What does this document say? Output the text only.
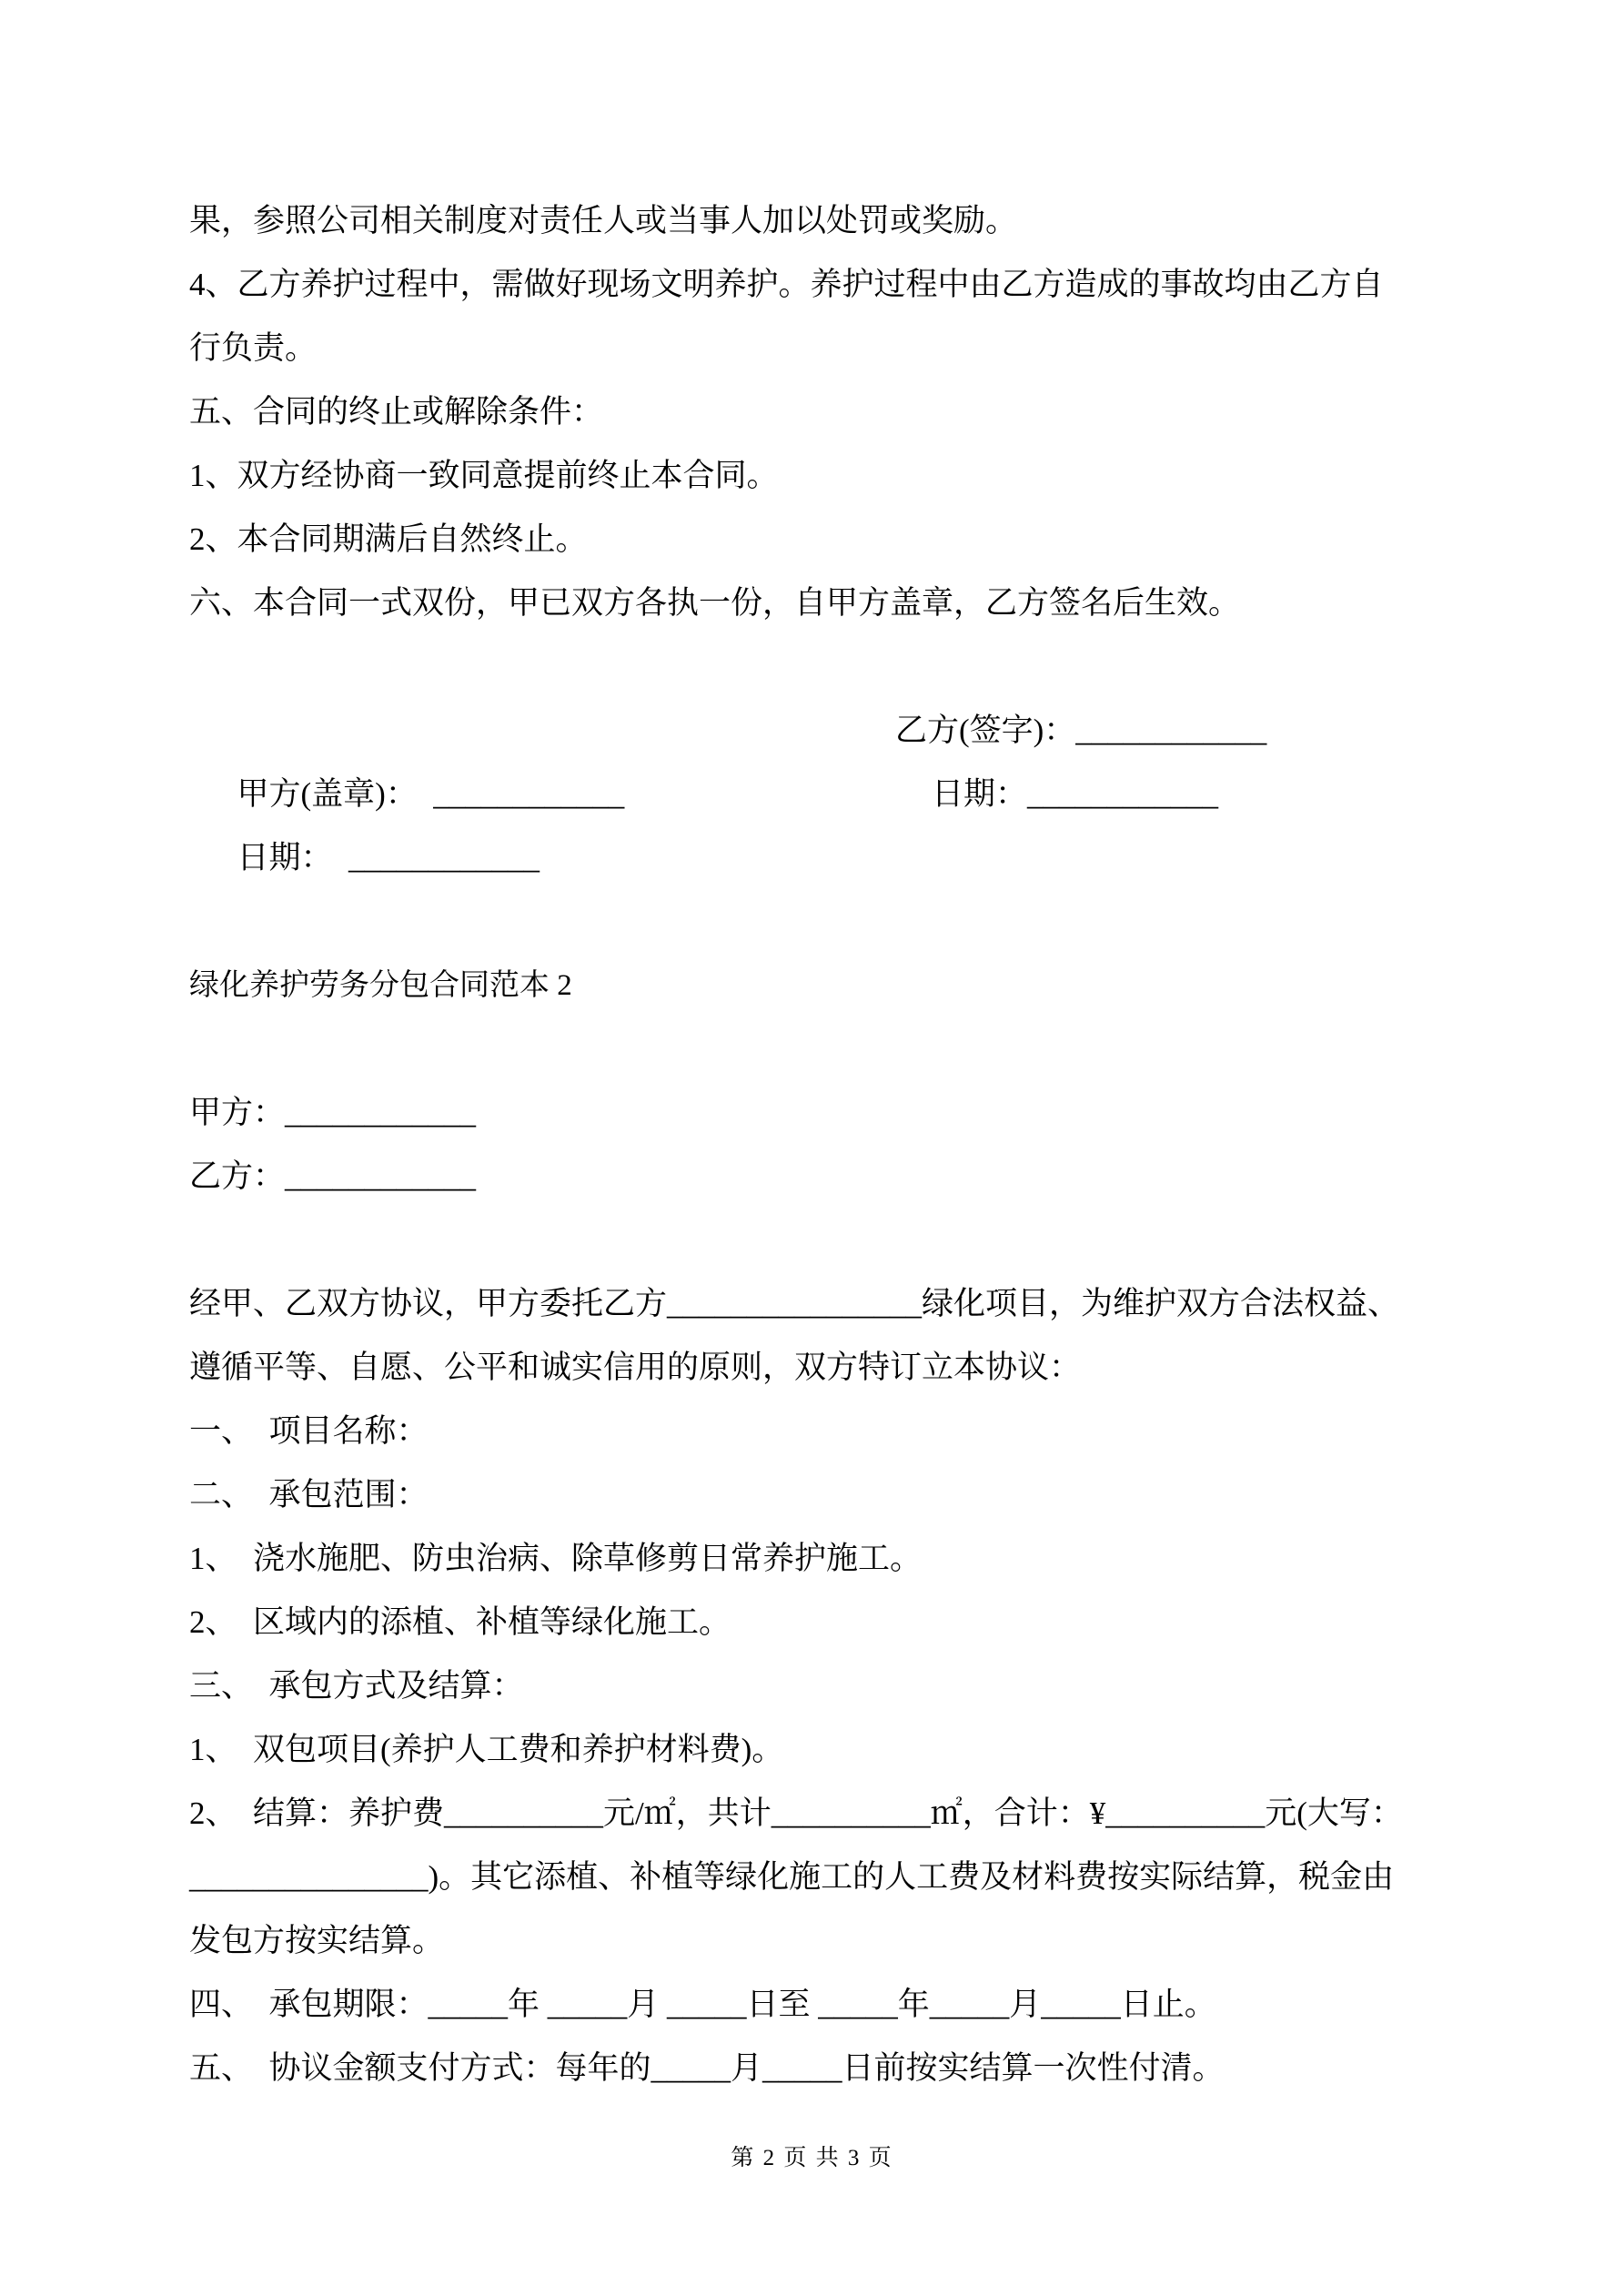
果，参照公司相关制度对责任人或当事人加以处罚或奖励。
4、乙方养护过程中，需做好现场文明养护。养护过程中由乙方造成的事故均由乙方自
行负责。
五、合同的终止或解除条件：
1、双方经协商一致同意提前终止本合同。
2、本合同期满后自然终止。
六、本合同一式双份，甲已双方各执一份，自甲方盖章，乙方签名后生效。

甲方(盖章)：  ____________

乙方(签字)：____________

日期：  ____________

日期：____________

绿化养护劳务分包合同范本 2
甲方：____________
乙方：____________
经甲、乙双方协议，甲方委托乙方________________绿化项目，为维护双方合法权益、
遵循平等、自愿、公平和诚实信用的原则，双方特订立本协议：
一、　项目名称：
二、　承包范围：
1、　浇水施肥、防虫治病、除草修剪日常养护施工。
2、　区域内的添植、补植等绿化施工。
三、　承包方式及结算：
1、　双包项目(养护人工费和养护材料费)。
2、　结算：养护费__________元/㎡，共计__________㎡，合计：¥__________元(大写：
_______________)。其它添植、补植等绿化施工的人工费及材料费按实际结算，税金由
发包方按实结算。
四、　承包期限：_____年 _____月 _____日至 _____年_____月_____日止。
五、　协议金额支付方式：每年的_____月_____日前按实结算一次性付清。
第 2 页 共 3 页
